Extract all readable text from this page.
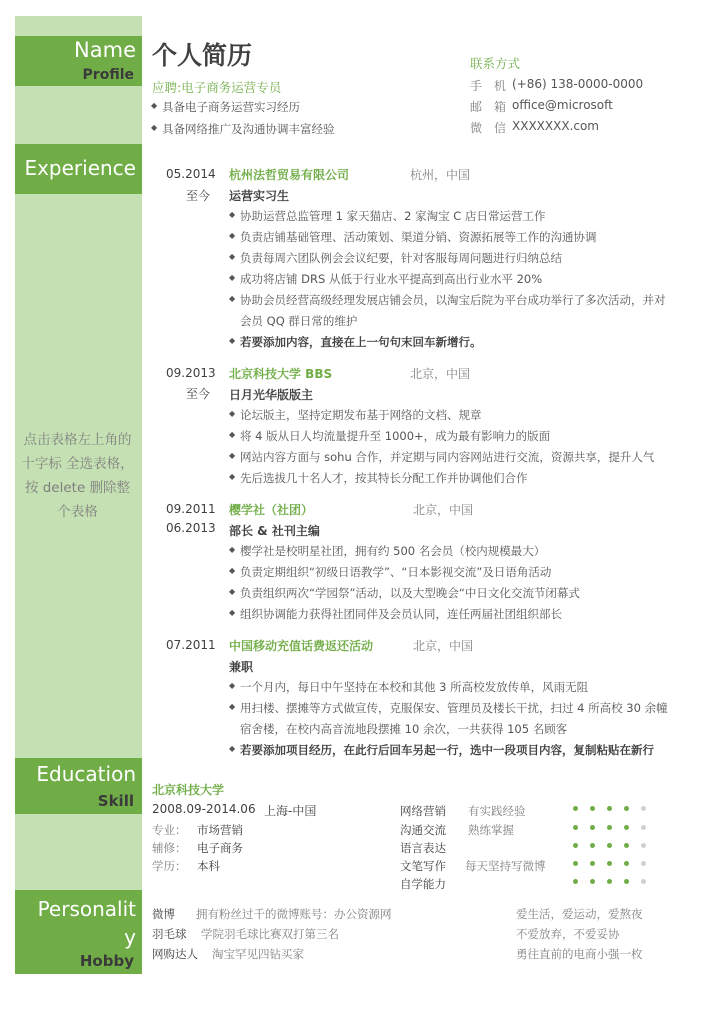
Name
Profile
Experience
点击表格左上角的 十字标 全选表格，按 delete 删除整个表格
Education
Skill
Personality
Hobby
个人简历
应聘:电子商务运营专员
◆ 具备电子商务运营实习经历
◆ 具备网络推广及沟通协调丰富经验
联系方式
手　机 (+86) 138-0000-0000
邮　箱 office@microsoft
微　信 XXXXXXX.com
05.2014
至今
杭州法哲贸易有限公司	杭州，中国
运营实习生
◆ 协助运营总监管理 1 家天猫店、2 家淘宝 C 店日常运营工作
◆ 负责店铺基础管理、活动策划、渠道分销、资源拓展等工作的沟通协调
◆ 负责每周六团队例会会议纪要，针对客服每周问题进行归纳总结
◆ 成功将店铺 DRS 从低于行业水平提高到高出行业水平 20%
◆ 协助会员经营高级经理发展店铺会员，以淘宝后院为平台成功举行了多次活动，并对
会员 QQ 群日常的维护
◆ 若要添加内容，直接在上一句句末回车新增行。
09.2013
至今
北京科技大学 BBS	北京，中国
日月光华版版主
◆ 论坛版主，坚持定期发布基于网络的文档、规章
◆ 将 4 版从日人均流量提升至 1000+，成为最有影响力的版面
◆ 网站内容方面与 sohu 合作，并定期与同内容网站进行交流，资源共享，提升人气
◆ 先后选拔几十名人才，按其特长分配工作并协调他们合作
09.2011
06.2013
樱学社（社团）	北京，中国
部长 & 社刊主编
◆ 樱学社是校明星社团，拥有约 500 名会员（校内规模最大）
◆ 负责定期组织“初级日语教学”、“日本影视交流”及日语角活动
◆ 负责组织两次“学园祭”活动，以及大型晚会“中日文化交流节闭幕式
◆ 组织协调能力获得社团同伴及会员认同，连任两届社团组织部长
07.2011 中国移动充值话费返还活动	北京，中国
兼职
◆ 一个月内，每日中午坚持在本校和其他 3 所高校发放传单，风雨无阻
◆ 用扫楼、摆摊等方式做宣传，克服保安、管理员及楼长干扰，扫过 4 所高校 30 余幢
宿舍楼，在校内高音流地段摆摊 10 余次，一共获得 105 名顾客
◆ 若要添加项目经历，在此行后回车另起一行，选中一段项目内容，复制粘贴在新行
北京科技大学
2008.09-2014.06 上海-中国
专业： 市场营销
辅修： 电子商务
学历： 本科
网络营销 有实践经验
沟通交流 熟练掌握
语言表达
文笔写作 每天坚持写微博
自学能力
微博 拥有粉丝过千的微博账号：办公资源网	爱生活，爱运动，爱熬夜
羽毛球 学院羽毛球比赛双打第三名	不爱放弃，不爱妥协
网购达人 淘宝罕见四钻买家	勇往直前的电商小强一枚
